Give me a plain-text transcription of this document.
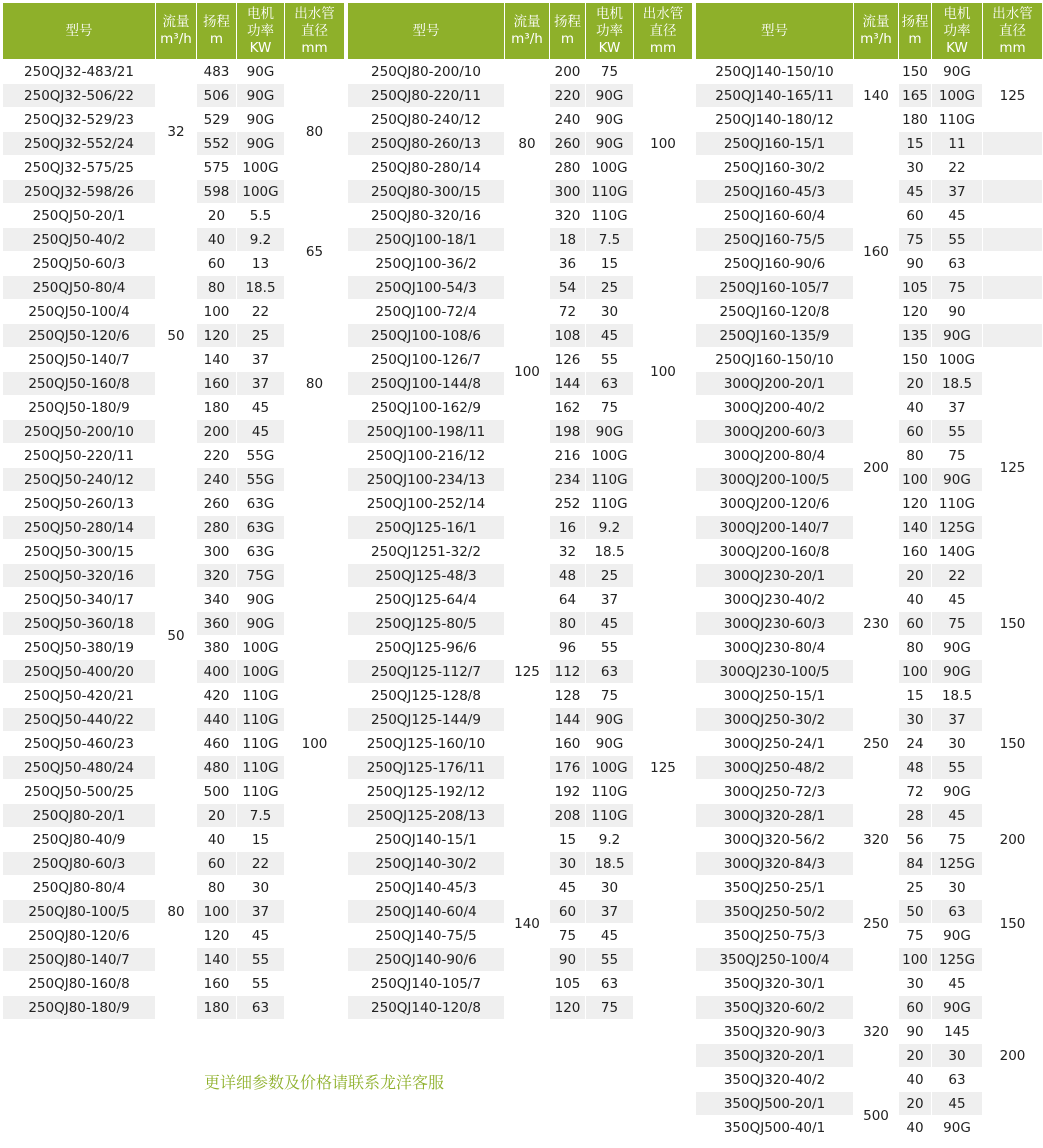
型号	流量
m³/h	扬程
m	电机
功率
KW	出水管
直径
mm
250QJ32-483/21	32	483	90G	80
250QJ32-506/22		506	90G	
250QJ32-529/23		529	90G	
250QJ32-552/24		552	90G	
250QJ32-575/25		575	100G	
250QJ32-598/26		598	100G	
250QJ50-20/1	50	20	5.5	65
250QJ50-40/2		40	9.2	
250QJ50-60/3		60	13	
250QJ50-80/4		80	18.5	
250QJ50-100/4		100	22	80
250QJ50-120/6		120	25	
250QJ50-140/7		140	37	
250QJ50-160/8		160	37	
250QJ50-180/9		180	45	
250QJ50-200/10		200	45	
250QJ50-220/11		220	55G	
250QJ50-240/12	50	240	55G	100
250QJ50-260/13		260	63G	
250QJ50-280/14		280	63G	
250QJ50-300/15		300	63G	
250QJ50-320/16		320	75G	
250QJ50-340/17		340	90G	
250QJ50-360/18		360	90G	
250QJ50-380/19		380	100G	
250QJ50-400/20		400	100G	
250QJ50-420/21		420	110G	
250QJ50-440/22		440	110G	
250QJ50-460/23		460	110G	
250QJ50-480/24		480	110G	
250QJ50-500/25		500	110G	
250QJ80-20/1	80	20	7.5	
250QJ80-40/9		40	15	
250QJ80-60/3		60	22	
250QJ80-80/4		80	30	
250QJ80-100/5		100	37	
250QJ80-120/6		120	45	
250QJ80-140/7		140	55	
250QJ80-160/8		160	55	
250QJ80-180/9		180	63	
型号	流量
m³/h	扬程
m	电机
功率
KW	出水管
直径
mm
250QJ80-200/10	80	200	75	100
250QJ80-220/11		220	90G	
250QJ80-240/12		240	90G	
250QJ80-260/13		260	90G	
250QJ80-280/14		280	100G	
250QJ80-300/15		300	110G	
250QJ80-320/16		320	110G	
250QJ100-18/1	100	18	7.5	100
250QJ100-36/2		36	15	
250QJ100-54/3		54	25	
250QJ100-72/4		72	30	
250QJ100-108/6		108	45	
250QJ100-126/7		126	55	
250QJ100-144/8		144	63	
250QJ100-162/9		162	75	
250QJ100-198/11		198	90G	
250QJ100-216/12		216	100G	
250QJ100-234/13		234	110G	
250QJ100-252/14		252	110G	
250QJ125-16/1	125	16	9.2	125
250QJ1251-32/2		32	18.5	
250QJ125-48/3		48	25	
250QJ125-64/4		64	37	
250QJ125-80/5		80	45	
250QJ125-96/6		96	55	
250QJ125-112/7		112	63	
250QJ125-128/8		128	75	
250QJ125-144/9		144	90G	
250QJ125-160/10		160	90G	
250QJ125-176/11		176	100G	
250QJ125-192/12		192	110G	
250QJ125-208/13		208	110G	
250QJ140-15/1	140	15	9.2	
250QJ140-30/2		30	18.5	
250QJ140-45/3		45	30	
250QJ140-60/4		60	37	
250QJ140-75/5		75	45	
250QJ140-90/6		90	55	
250QJ140-105/7		105	63	
250QJ140-120/8		120	75	
型号	流量
m³/h	扬程
m	电机
功率
KW	出水管
直径
mm
250QJ140-150/10	140	150	90G	125
250QJ140-165/11		165	100G	
250QJ140-180/12		180	110G	
250QJ160-15/1	160	15	11	
250QJ160-30/2		30	22	
250QJ160-45/3		45	37	
250QJ160-60/4		60	45	
250QJ160-75/5		75	55	
250QJ160-90/6		90	63	
250QJ160-105/7		105	75	
250QJ160-120/8		120	90	
250QJ160-135/9		135	90G	
250QJ160-150/10		150	100G	
300QJ200-20/1	200	20	18.5	125
300QJ200-40/2		40	37	
300QJ200-60/3		60	55	
300QJ200-80/4		80	75	
300QJ200-100/5		100	90G	
300QJ200-120/6		120	110G	
300QJ200-140/7		140	125G	
300QJ200-160/8		160	140G	
300QJ230-20/1	230	20	22	150
300QJ230-40/2		40	45	
300QJ230-60/3		60	75	
300QJ230-80/4		80	90G	
300QJ230-100/5		100	90G	
300QJ250-15/1	250	15	18.5	150
300QJ250-30/2		30	37	
300QJ250-24/1		24	30	
300QJ250-48/2		48	55	
300QJ250-72/3		72	90G	
300QJ320-28/1	320	28	45	200
300QJ320-56/2		56	75	
300QJ320-84/3		84	125G	
350QJ250-25/1	250	25	30	150
350QJ250-50/2		50	63	
350QJ250-75/3		75	90G	
350QJ250-100/4		100	125G	
350QJ320-30/1	320	30	45	200
350QJ320-60/2		60	90G	
350QJ320-90/3		90	145	
350QJ320-20/1		20	30	
350QJ320-40/2		40	63	
350QJ500-20/1	500	20	45	
350QJ500-40/1		40	90G	
更详细参数及价格请联系龙洋客服
